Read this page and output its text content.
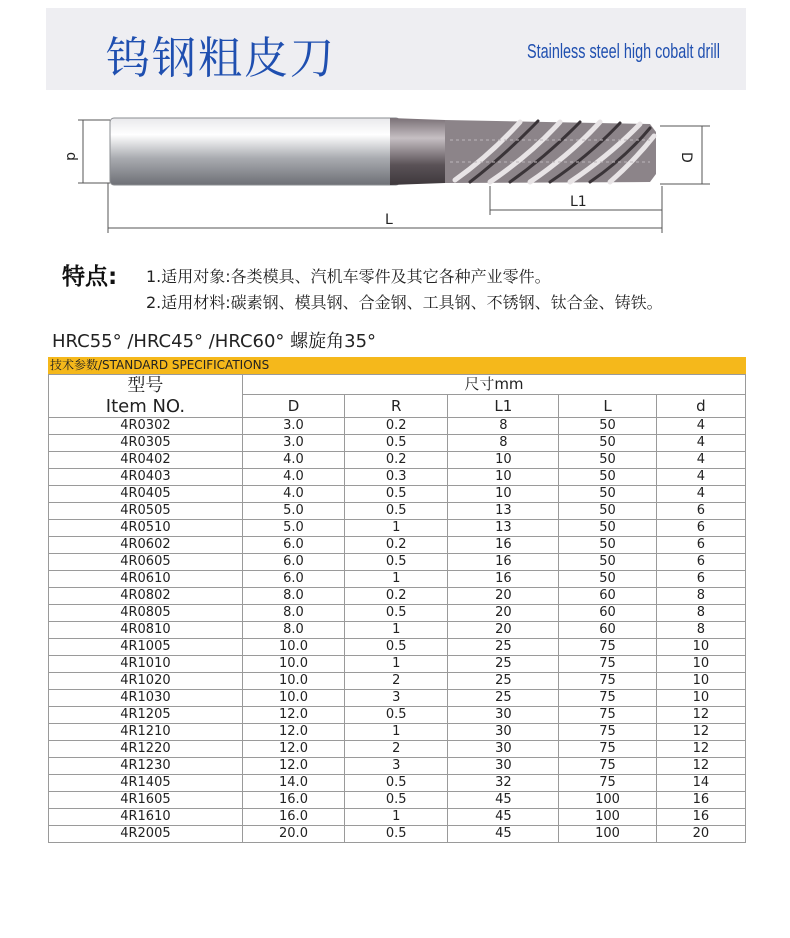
钨钢粗皮刀	Stainless steel high cobalt drill
d	D
L1
L
特点: 1.适用对象:各类模具、汽机车零件及其它各种产业零件。
2.适用材料:碳素钢、模具钢、合金钢、工具钢、不锈钢、钛合金、铸铁。
HRC55° /HRC45° /HRC60° 螺旋角35°
技术参数/STANDARD SPECIFICATIONS
型号
Item NO.	尺寸mm				
	D	R	L1	L	d
4R0302	3.0	0.2	8	50	4
4R0305	3.0	0.5	8	50	4
4R0402	4.0	0.2	10	50	4
4R0403	4.0	0.3	10	50	4
4R0405	4.0	0.5	10	50	4
4R0505	5.0	0.5	13	50	6
4R0510	5.0	1	13	50	6
4R0602	6.0	0.2	16	50	6
4R0605	6.0	0.5	16	50	6
4R0610	6.0	1	16	50	6
4R0802	8.0	0.2	20	60	8
4R0805	8.0	0.5	20	60	8
4R0810	8.0	1	20	60	8
4R1005	10.0	0.5	25	75	10
4R1010	10.0	1	25	75	10
4R1020	10.0	2	25	75	10
4R1030	10.0	3	25	75	10
4R1205	12.0	0.5	30	75	12
4R1210	12.0	1	30	75	12
4R1220	12.0	2	30	75	12
4R1230	12.0	3	30	75	12
4R1405	14.0	0.5	32	75	14
4R1605	16.0	0.5	45	100	16
4R1610	16.0	1	45	100	16
4R2005	20.0	0.5	45	100	20
